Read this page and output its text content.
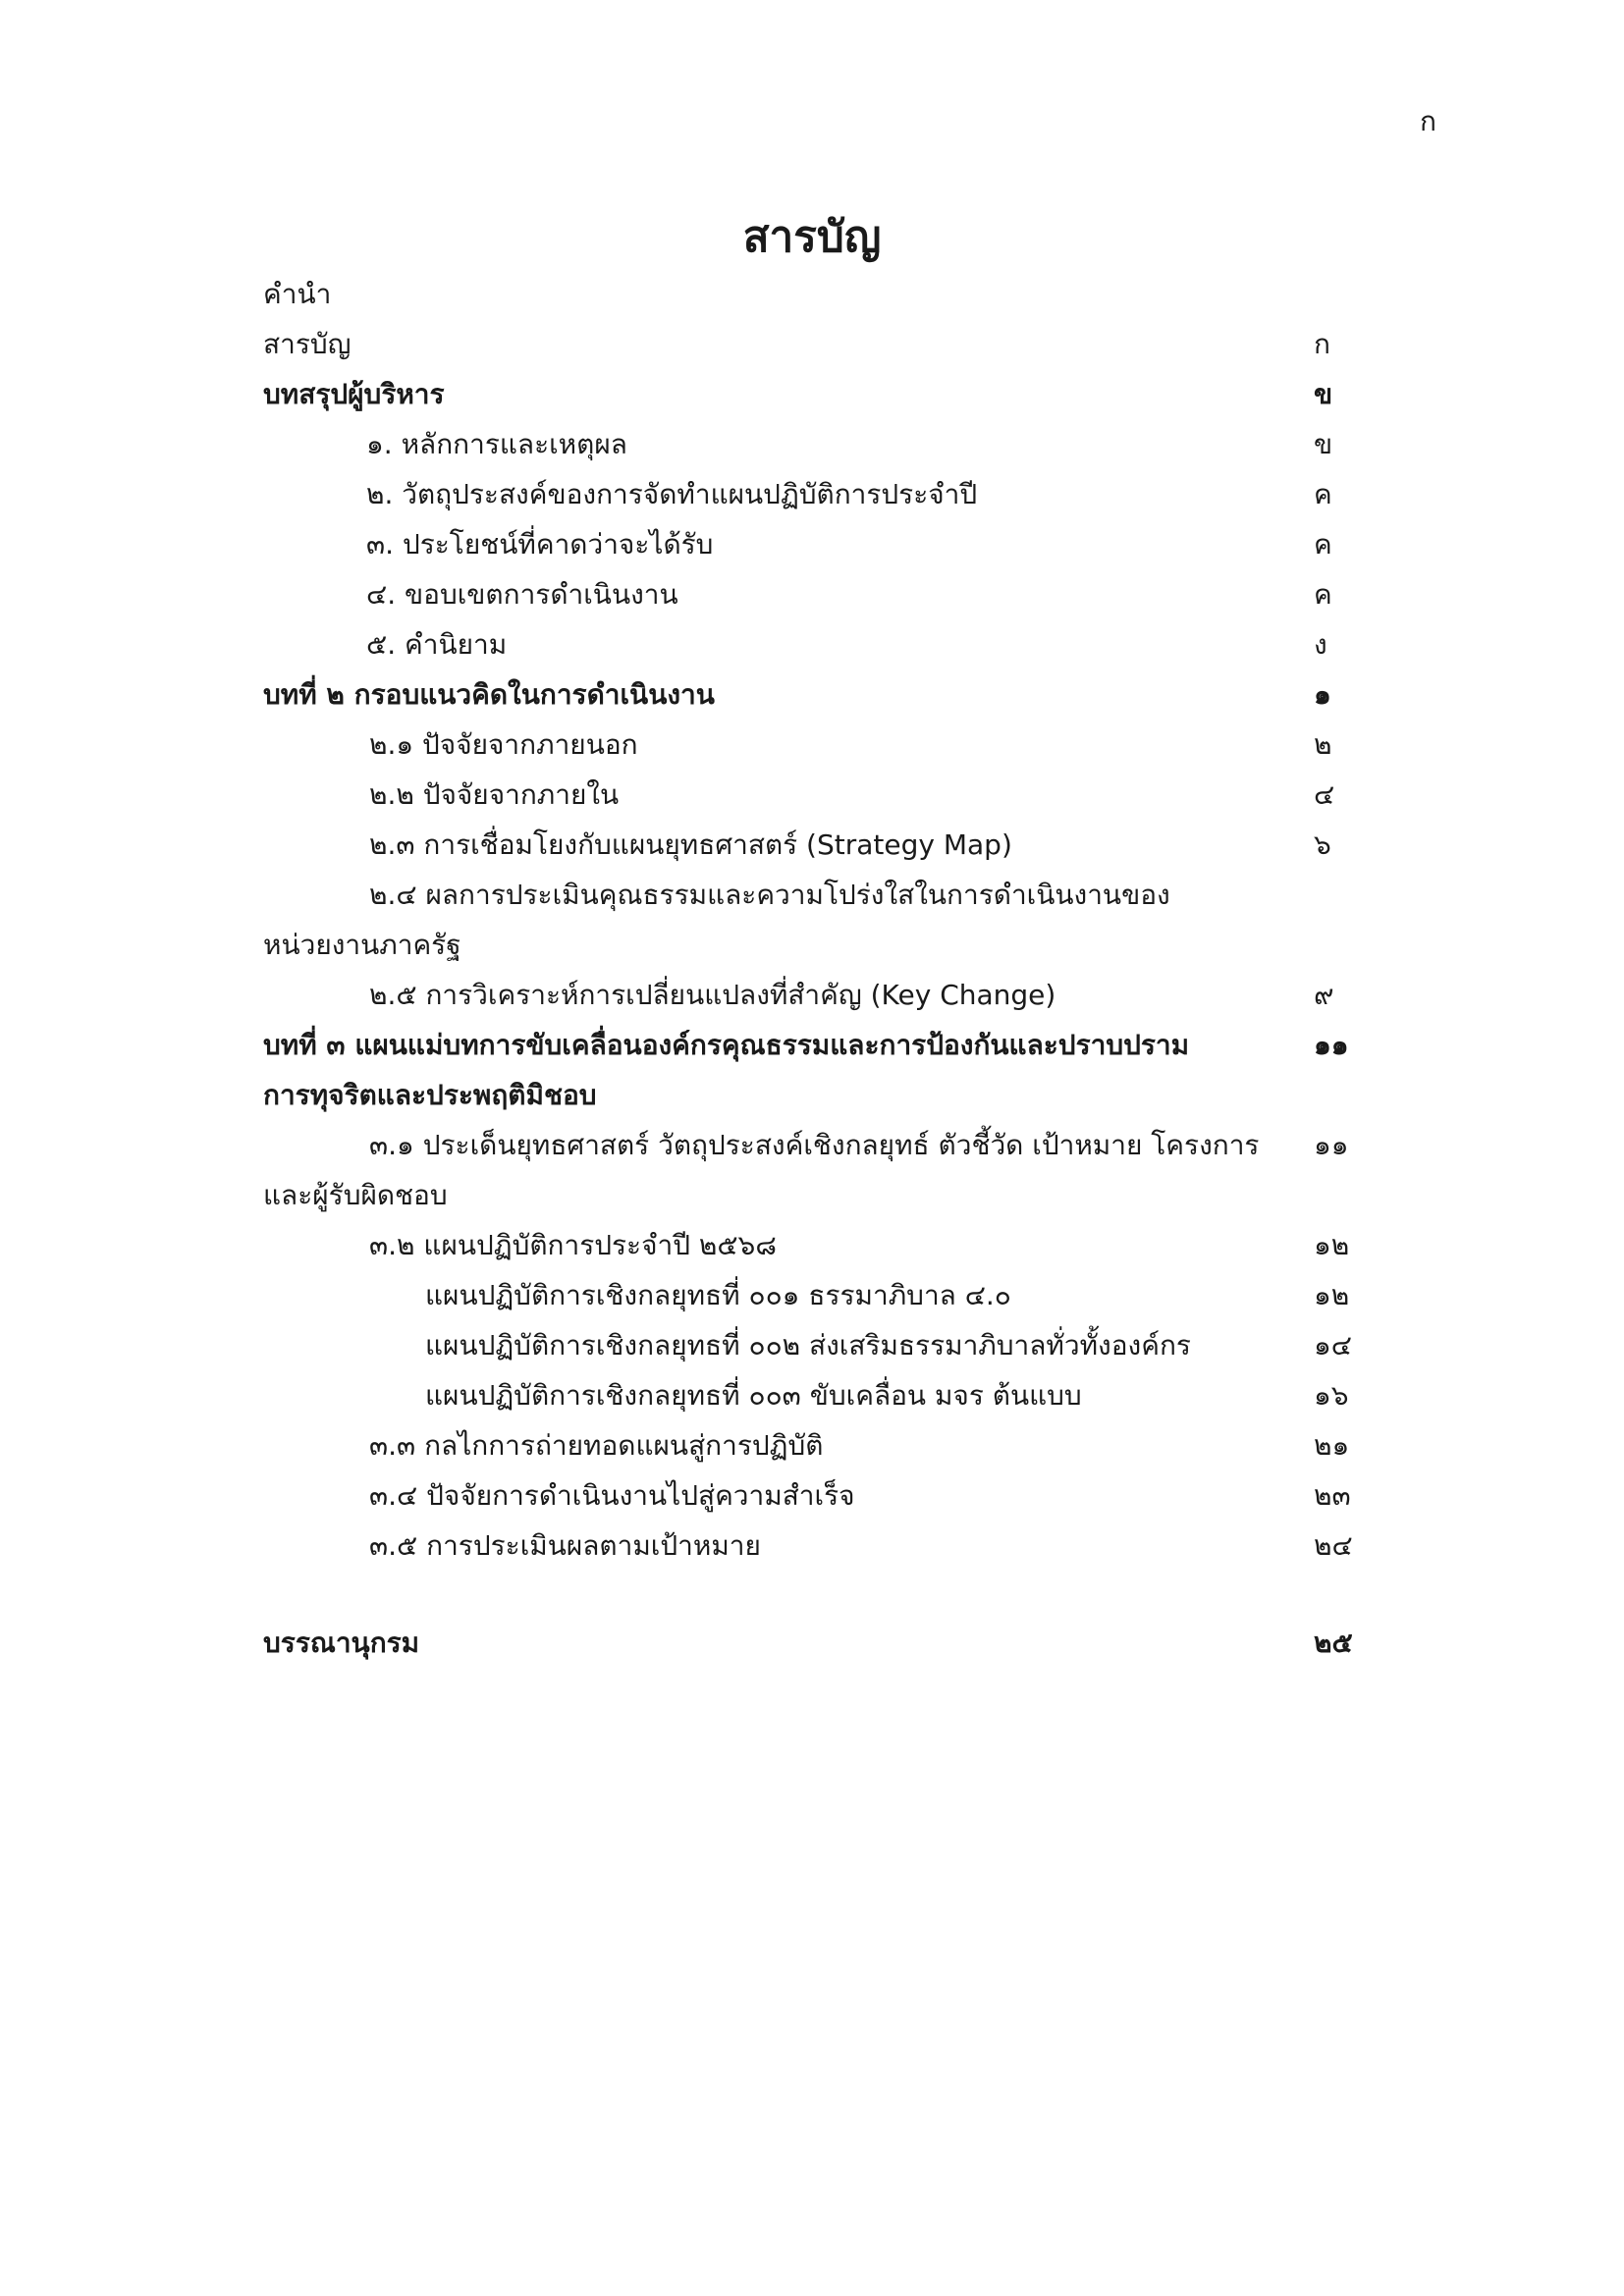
ก
สารบัญ
คำนำ
สารบัญ	ก
บทสรุปผู้บริหาร	ข
๑. หลักการและเหตุผล	ข
๒. วัตถุประสงค์ของการจัดทำแผนปฏิบัติการประจำปี	ค
๓. ประโยชน์ที่คาดว่าจะได้รับ	ค
๔. ขอบเขตการดำเนินงาน	ค
๕. คำนิยาม	ง
บทที่ ๒ กรอบแนวคิดในการดำเนินงาน	๑
๒.๑ ปัจจัยจากภายนอก	๒
๒.๒ ปัจจัยจากภายใน	๔
๒.๓ การเชื่อมโยงกับแผนยุทธศาสตร์ (Strategy Map)	๖
๒.๔ ผลการประเมินคุณธรรมและความโปร่งใสในการดำเนินงานของ
หน่วยงานภาครัฐ
๒.๕ การวิเคราะห์การเปลี่ยนแปลงที่สำคัญ (Key Change)	๙
บทที่ ๓ แผนแม่บทการขับเคลื่อนองค์กรคุณธรรมและการป้องกันและปราบปราม	๑๑
การทุจริตและประพฤติมิชอบ
๓.๑ ประเด็นยุทธศาสตร์ วัตถุประสงค์เชิงกลยุทธ์ ตัวชี้วัด เป้าหมาย โครงการ ๑๑
และผู้รับผิดชอบ
๓.๒ แผนปฏิบัติการประจำปี ๒๕๖๘	๑๒
แผนปฏิบัติการเชิงกลยุทธที่ ๐๐๑ ธรรมาภิบาล ๔.๐	๑๒
แผนปฏิบัติการเชิงกลยุทธที่ ๐๐๒ ส่งเสริมธรรมาภิบาลทั่วทั้งองค์กร	๑๔
แผนปฏิบัติการเชิงกลยุทธที่ ๐๐๓ ขับเคลื่อน มจร ต้นแบบ	๑๖
๓.๓ กลไกการถ่ายทอดแผนสู่การปฏิบัติ	๒๑
๓.๔ ปัจจัยการดำเนินงานไปสู่ความสำเร็จ	๒๓
๓.๕ การประเมินผลตามเป้าหมาย	๒๔
บรรณานุกรม	๒๕
